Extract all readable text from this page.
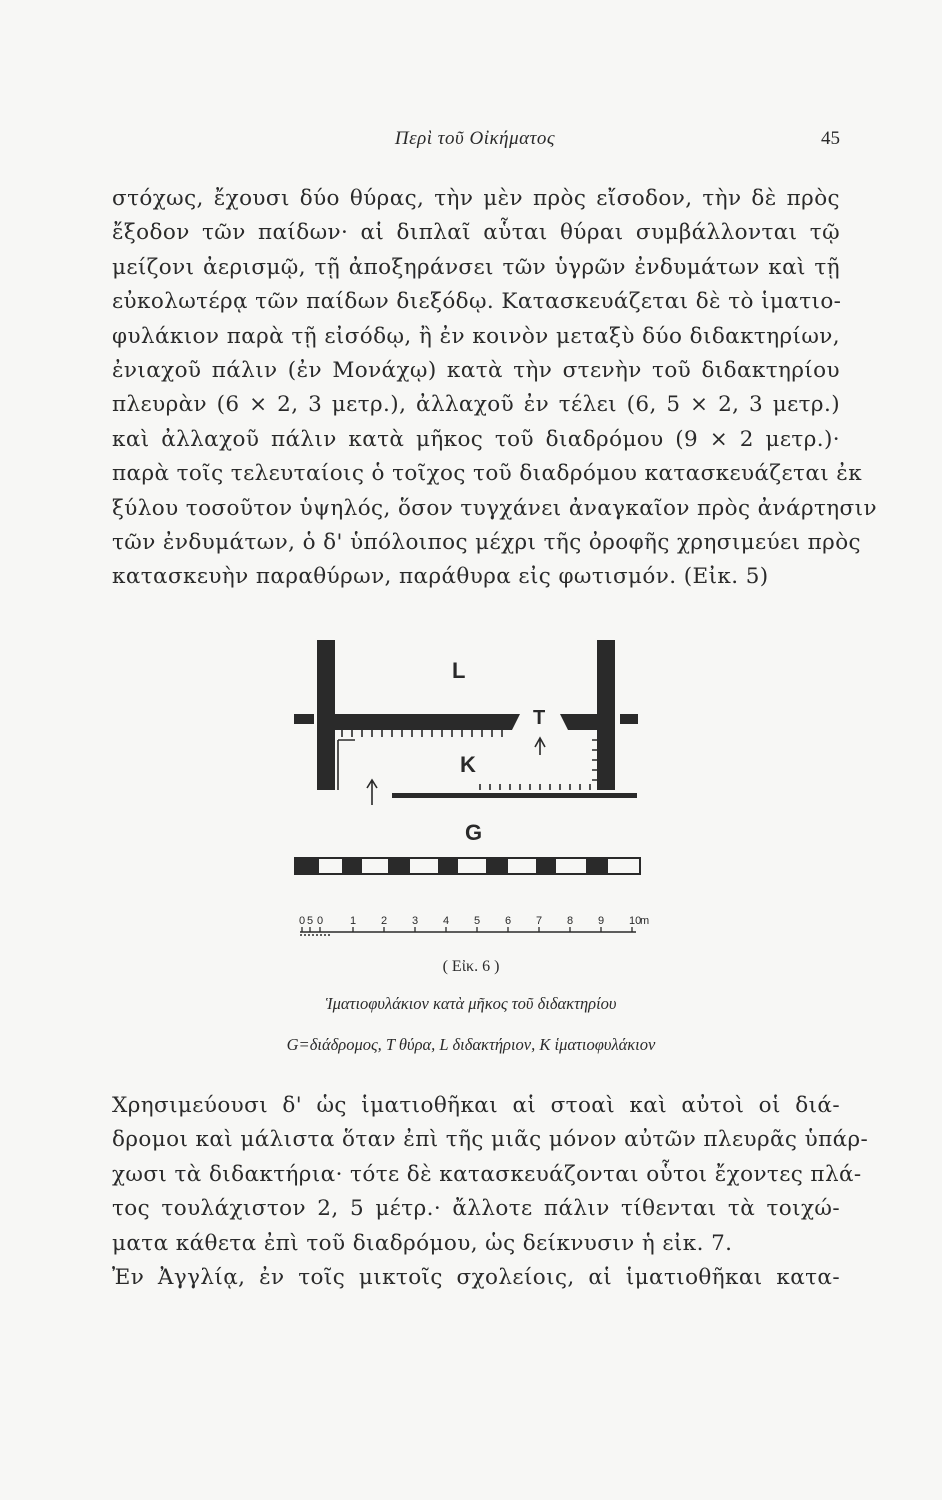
Περὶ τοῦ Οἰκήματος	45
στόχως, ἔχουσι δύο θύρας, τὴν μὲν πρὸς εἴσοδον, τὴν δὲ πρὸς
ἔξοδον τῶν παίδων· αἱ διπλαῖ αὗται θύραι συμβάλλονται τῷ
μείζονι ἀερισμῷ, τῇ ἀποξηράνσει τῶν ὑγρῶν ἐνδυμάτων καὶ τῇ
εὐκολωτέρᾳ τῶν παίδων διεξόδῳ. Κατασκευάζεται δὲ τὸ ἱματιο-
φυλάκιον παρὰ τῇ εἰσόδῳ, ἢ ἐν κοινὸν μεταξὺ δύο διδακτηρίων,
ἐνιαχοῦ πάλιν (ἐν Μονάχῳ) κατὰ τὴν στενὴν τοῦ διδακτηρίου
πλευρὰν (6 × 2, 3 μετρ.), ἀλλαχοῦ ἐν τέλει (6, 5 × 2, 3 μετρ.)
καὶ ἀλλαχοῦ πάλιν κατὰ μῆκος τοῦ διαδρόμου (9 × 2 μετρ.)·
παρὰ τοῖς τελευταίοις ὁ τοῖχος τοῦ διαδρόμου κατασκευάζεται ἐκ
ξύλου τοσοῦτον ὑψηλός, ὅσον τυγχάνει ἀναγκαῖον πρὸς ἀνάρτησιν
τῶν ἐνδυμάτων, ὁ δ' ὑπόλοιπος μέχρι τῆς ὀροφῆς χρησιμεύει πρὸς
κατασκευὴν παραθύρων, παράθυρα εἰς φωτισμόν. (Εἰκ. 5)
L
T
K
G
0 5 0 1 2 3 4 5 6 7 8 9 10
m
( Εἰκ. 6 )
Ἱματιοφυλάκιον κατὰ μῆκος τοῦ διδακτηρίου
G=διάδρομος, T θύρα, L διδακτήριον, K ἱματιοφυλάκιον
Χρησιμεύουσι δ' ὡς ἱματιοθῆκαι αἱ στοαὶ καὶ αὐτοὶ οἱ διά-
δρομοι καὶ μάλιστα ὅταν ἐπὶ τῆς μιᾶς μόνον αὐτῶν πλευρᾶς ὑπάρ-
χωσι τὰ διδακτήρια· τότε δὲ κατασκευάζονται οὗτοι ἔχοντες πλά-
τος τουλάχιστον 2, 5 μέτρ.· ἄλλοτε πάλιν τίθενται τὰ τοιχώ-
ματα κάθετα ἐπὶ τοῦ διαδρόμου, ὡς δείκνυσιν ἡ εἰκ. 7.
Ἐν Ἀγγλίᾳ, ἐν τοῖς μικτοῖς σχολείοις, αἱ ἱματιοθῆκαι κατα-
